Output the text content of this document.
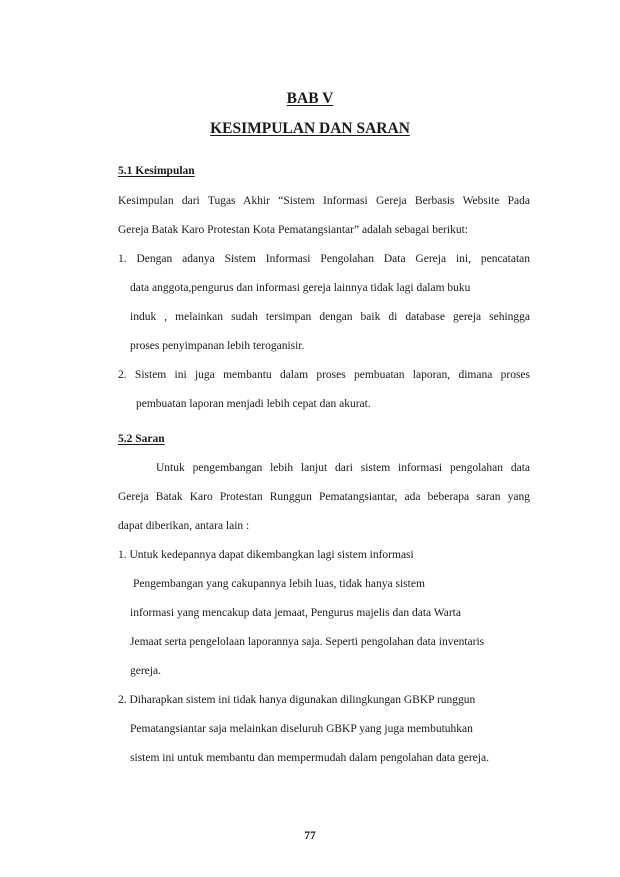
BAB V
KESIMPULAN DAN SARAN
5.1 Kesimpulan
Kesimpulan dari Tugas Akhir “Sistem Informasi Gereja Berbasis Website Pada
Gereja Batak Karo Protestan Kota Pematangsiantar” adalah sebagai berikut:
1. Dengan adanya Sistem Informasi Pengolahan Data Gereja ini, pencatatan
data anggota,pengurus dan informasi gereja lainnya tidak lagi dalam buku
induk , melainkan sudah tersimpan dengan baik di database gereja sehingga
proses penyimpanan lebih teroganisir.
2. Sistem ini juga membantu dalam proses pembuatan laporan, dimana proses
pembuatan laporan menjadi lebih cepat dan akurat.
5.2 Saran
Untuk pengembangan lebih lanjut dari sistem informasi pengolahan data
Gereja Batak Karo Protestan Runggun Pematangsiantar, ada beberapa saran yang
dapat diberikan, antara lain :
1. Untuk kedepannya dapat dikembangkan lagi sistem informasi
Pengembangan yang cakupannya lebih luas, tidak hanya sistem
informasi yang mencakup data jemaat, Pengurus majelis dan data Warta
Jemaat serta pengelolaan laporannya saja. Seperti pengolahan data inventaris
gereja.
2. Diharapkan sistem ini tidak hanya digunakan dilingkungan GBKP runggun
Pematangsiantar saja melainkan diseluruh GBKP yang juga membutuhkan
sistem ini untuk membantu dan mempermudah dalam pengolahan data gereja.
77
